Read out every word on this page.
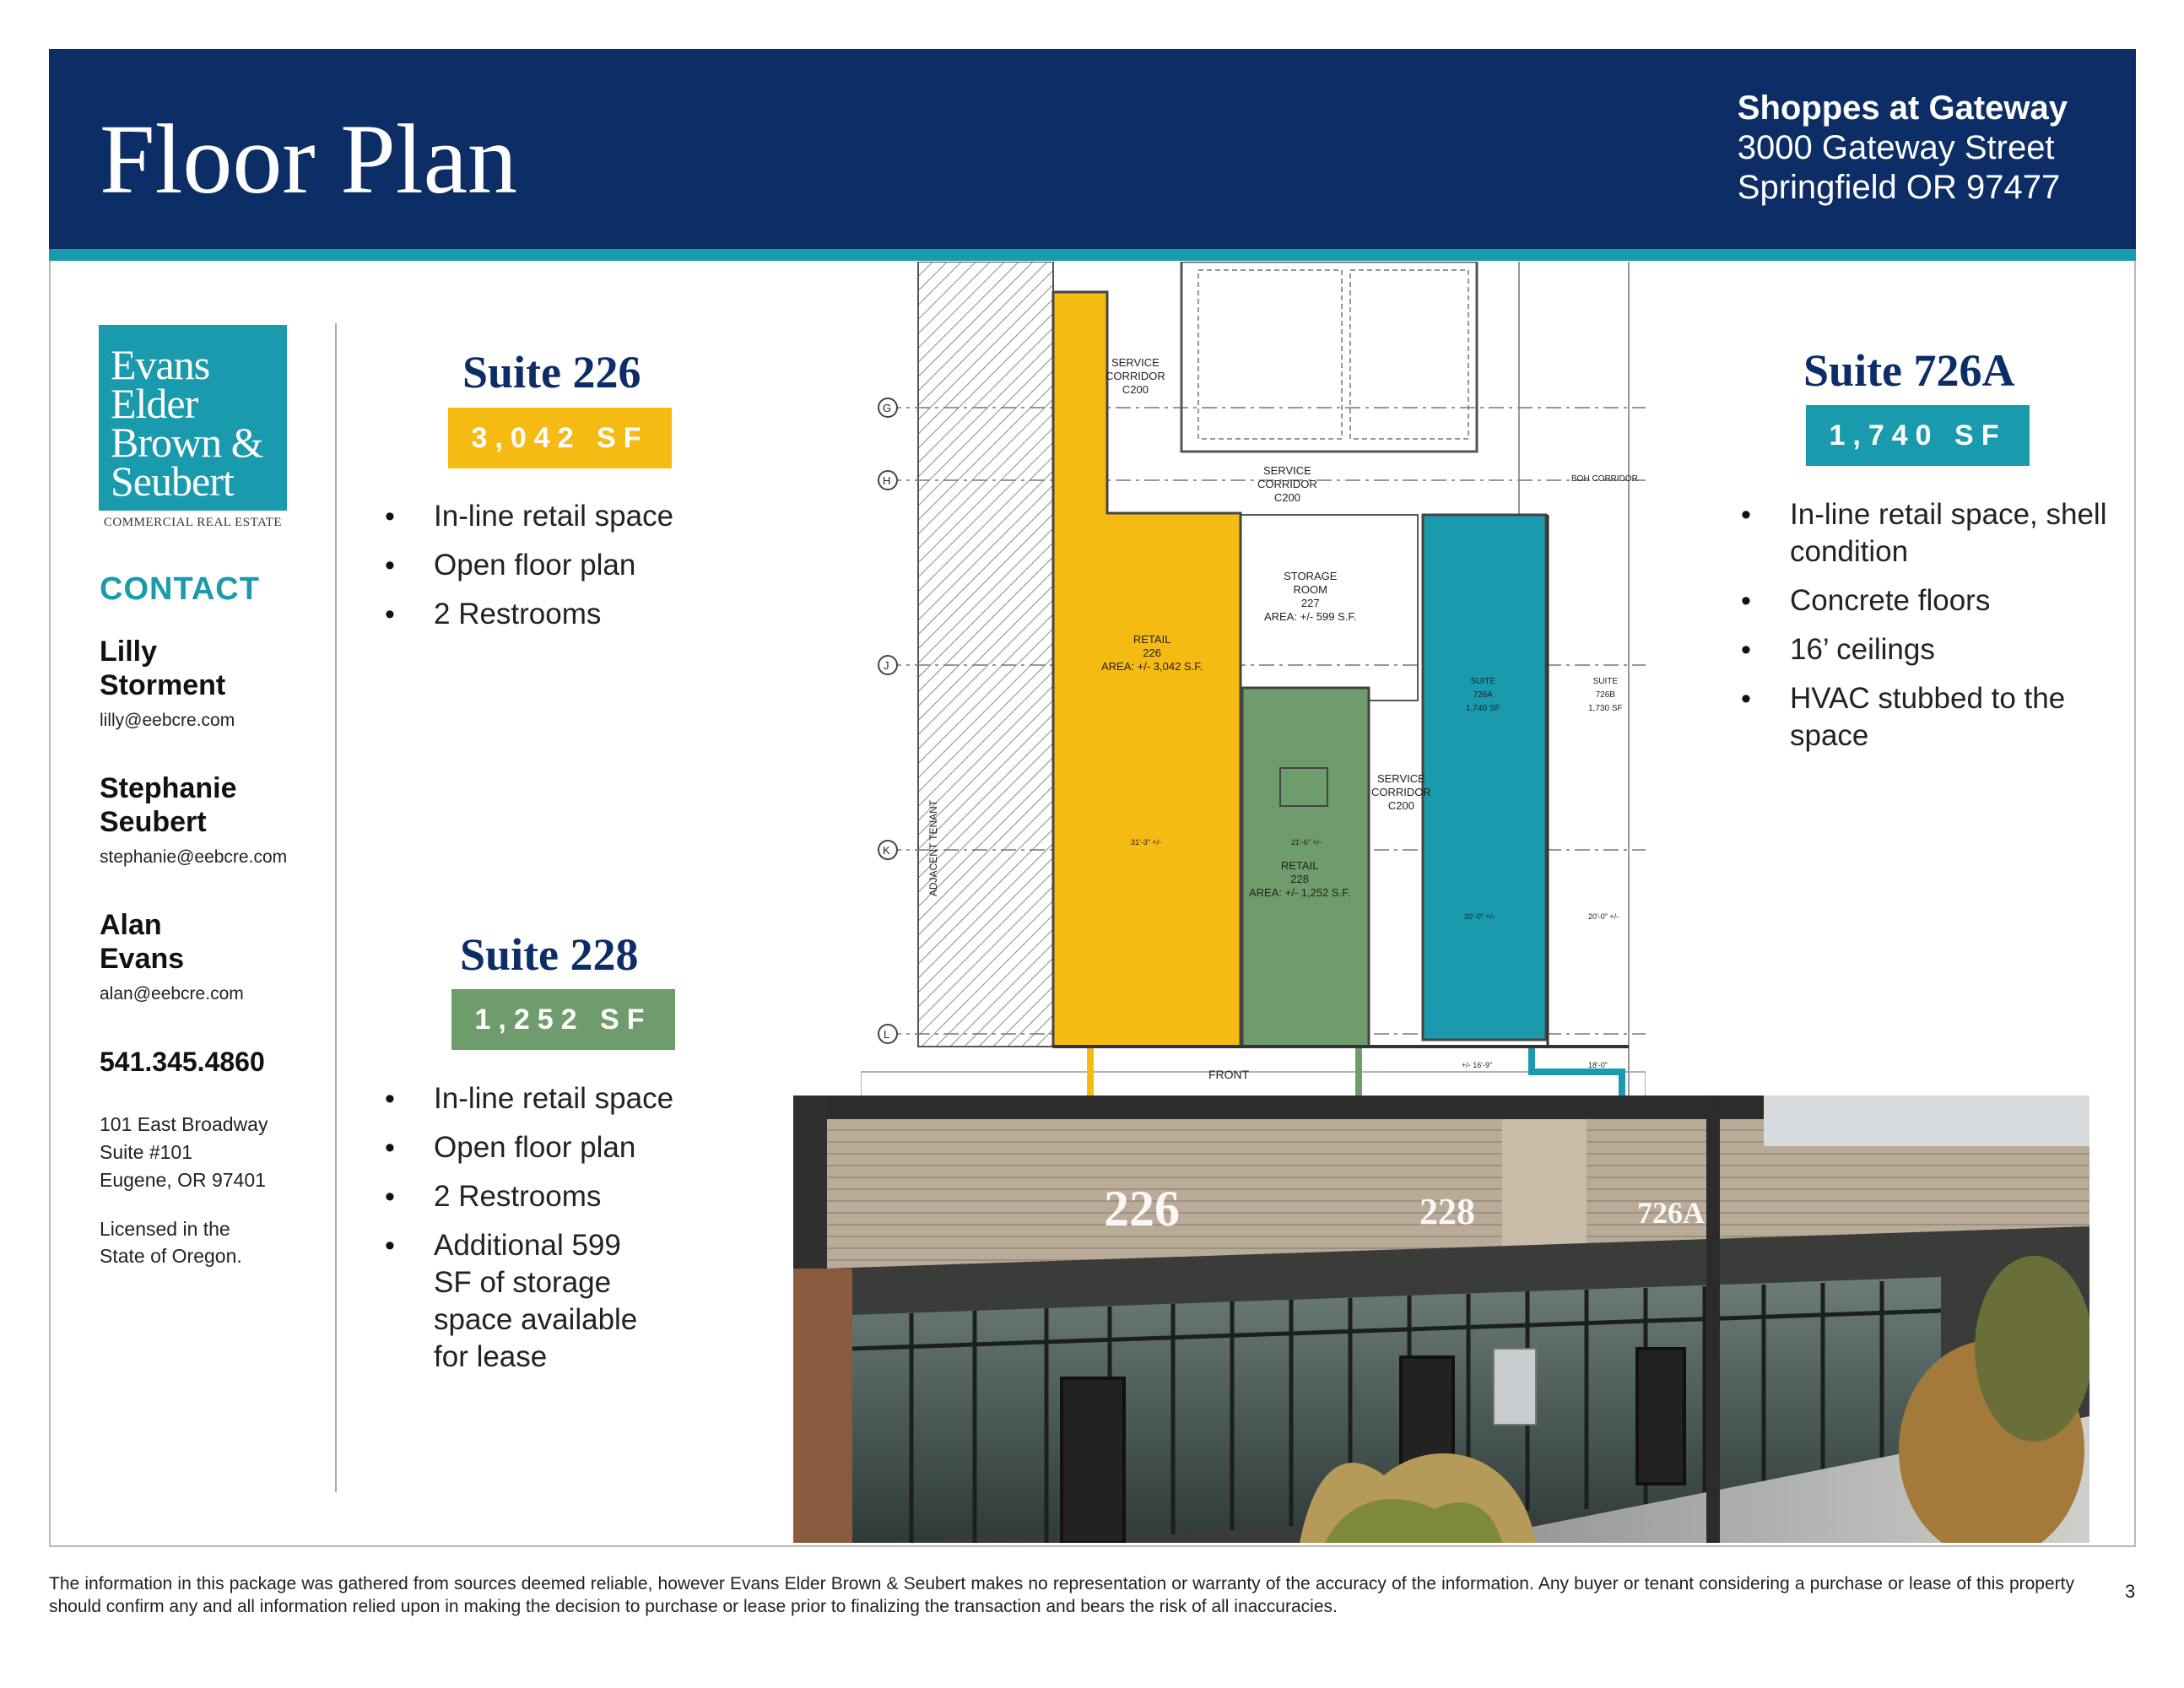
Floor Plan	Shoppes at Gateway
3000 Gateway Street
Springfield OR 97477
Evans
Elder
Brown &
Seubert
COMMERCIAL REAL ESTATE
CONTACT
Lilly
Storment
lilly@eebcre.com
Stephanie
Seubert
stephanie@eebcre.com
Alan
Evans
alan@eebcre.com
541.345.4860
101 East Broadway
Suite #101
Eugene, OR 97401
Licensed in the
State of Oregon.
Suite 226
3,042 SF
• In-line retail space
• Open floor plan
• 2 Restrooms
Suite 228
1,252 SF
• In-line retail space
• Open floor plan
• 2 Restrooms
• Additional 599 SF of storage space available for lease
Suite 726A
1,740 SF
• In-line retail space, shell condition
• Concrete floors
• 16’ ceilings
• HVAC stubbed to the space
G
H
J
K
L
SERVICE
CORRIDOR
C200
SERVICE
CORRIDOR
C200
SERVICE
CORRIDOR
C200
STORAGE
ROOM
227
AREA: +/- 599 S.F.
RETAIL
226
AREA: +/- 3,042 S.F.
RETAIL
228
AREA: +/- 1,252 S.F.
BOH CORRIDOR
SUITE
726A
1,740 SF
SUITE
726B
1,730 SF
ADJACENT TENANT
FRONT
31'-3" +/-	21'-6" +/-
20'-0" +/-	20'-0" +/-
+/- 16'-9"	18'-0"
226	228	726A
The information in this package was gathered from sources deemed reliable, however Evans Elder Brown & Seubert makes no representation or warranty of the accuracy of the information. Any buyer or tenant considering a purchase or lease of this property should confirm any and all information relied upon in making the decision to purchase or lease prior to finalizing the transaction and bears the risk of all inaccuracies.
3
